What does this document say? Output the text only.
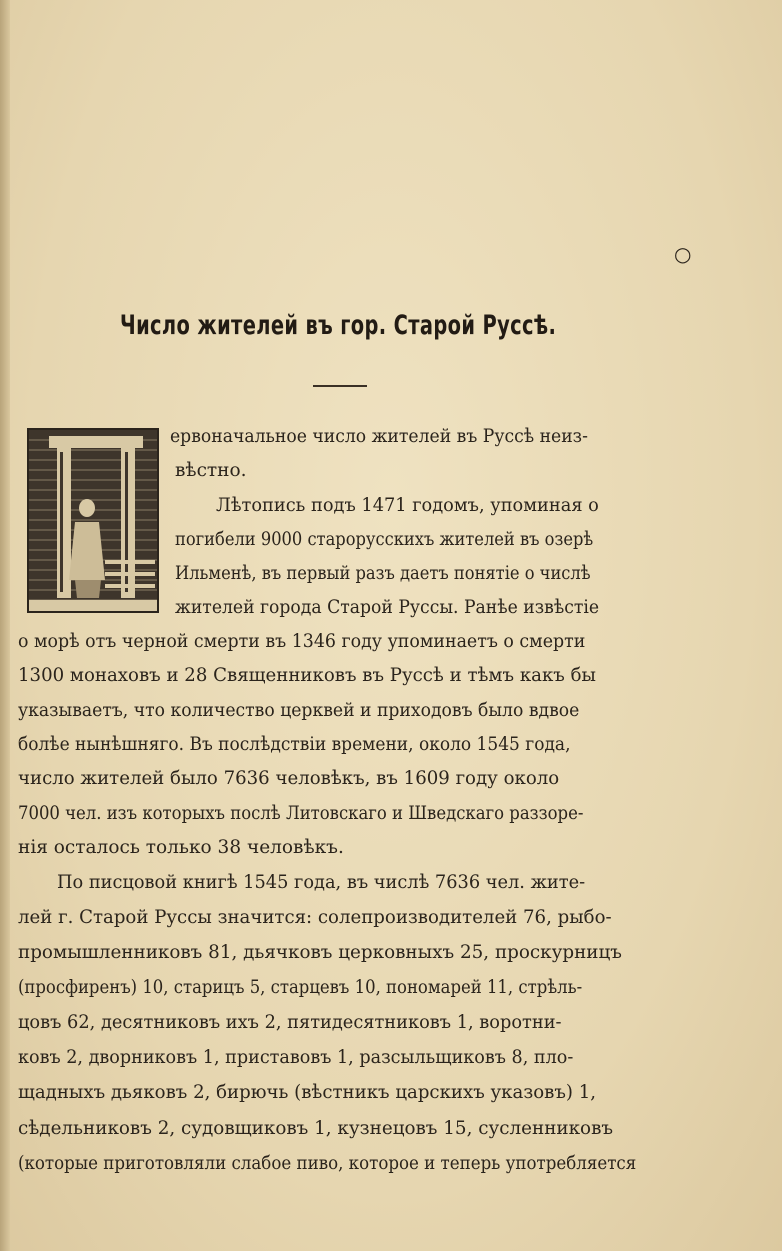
○
Число жителей въ гор. Старой Руссѣ.
ервоначальное число жителей въ Руссѣ неиз-
вѣстно.
Лѣтопись подъ 1471 годомъ, упоминая о
погибели 9000 старорусскихъ жителей въ озерѣ
Ильменѣ, въ первый разъ даетъ понятіе о числѣ
жителей города Старой Руссы. Ранѣе извѣстіе
о морѣ отъ черной смерти въ 1346 году упоминаетъ о смерти
1300 монаховъ и 28 Священниковъ въ Руссѣ и тѣмъ какъ бы
указываетъ, что количество церквей и приходовъ было вдвое
болѣе нынѣшняго. Въ послѣдствіи времени, около 1545 года,
число жителей было 7636 человѣкъ, въ 1609 году около
7000 чел. изъ которыхъ послѣ Литовскаго и Шведскаго раззоре-
нія осталось только 38 человѣкъ.
По писцовой книгѣ 1545 года, въ числѣ 7636 чел. жите-
лей г. Старой Руссы значится: солепроизводителей 76, рыбо-
промышленниковъ 81, дьячковъ церковныхъ 25, проскурницъ
(просфиренъ) 10, старицъ 5, старцевъ 10, пономарей 11, стрѣль-
цовъ 62, десятниковъ ихъ 2, пятидесятниковъ 1, воротни-
ковъ 2, дворниковъ 1, приставовъ 1, разсыльщиковъ 8, пло-
щадныхъ дьяковъ 2, бирючь (вѣстникъ царскихъ указовъ) 1,
сѣдельниковъ 2, судовщиковъ 1, кузнецовъ 15, сусленниковъ
(которые приготовляли слабое пиво, которое и теперь употребляется
